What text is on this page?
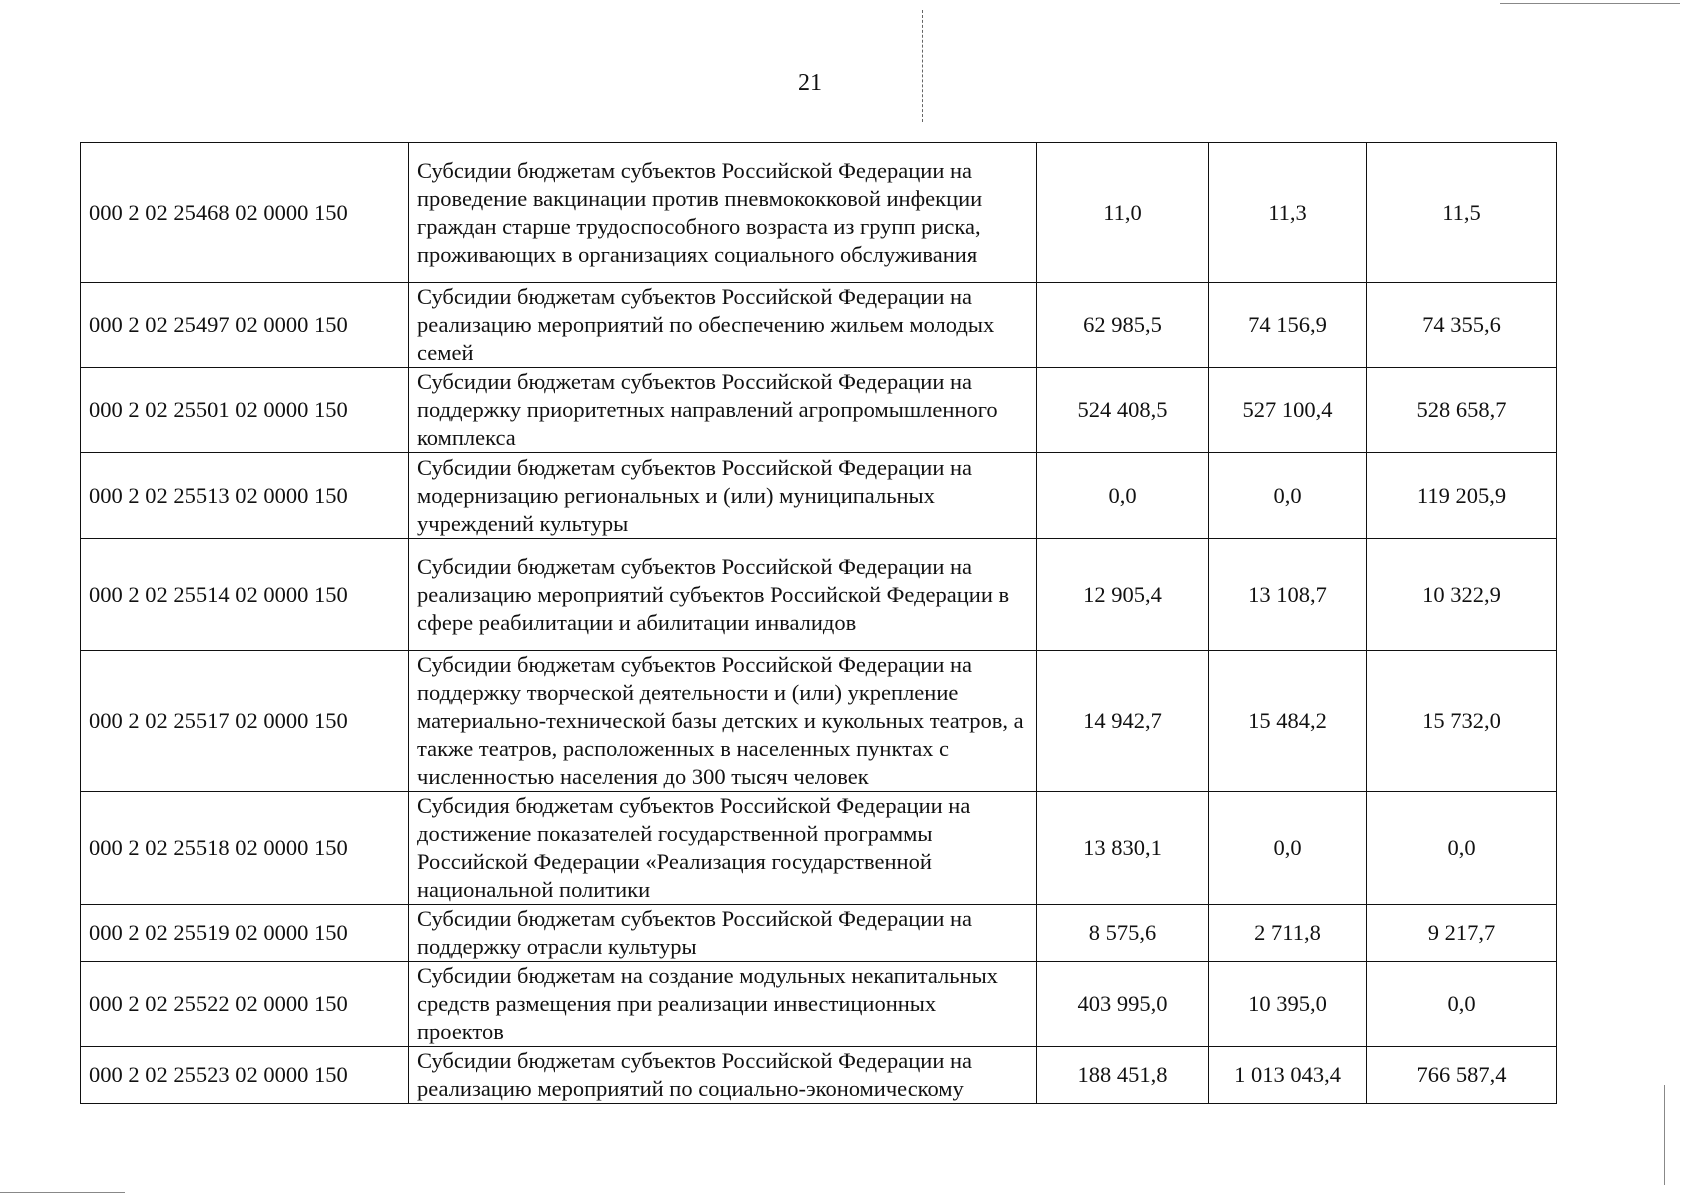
21
000 2 02 25468 02 0000 150	Субсидии бюджетам субъектов Российской Федерации на проведение вакцинации против пневмококковой инфекции граждан старше трудоспособного возраста из групп риска, проживающих в организациях социального обслуживания	11,0	11,3	11,5
000 2 02 25497 02 0000 150	Субсидии бюджетам субъектов Российской Федерации на реализацию мероприятий по обеспечению жильем молодых семей	62 985,5	74 156,9	74 355,6
000 2 02 25501 02 0000 150	Субсидии бюджетам субъектов Российской Федерации на поддержку приоритетных направлений агропромышленного комплекса	524 408,5	527 100,4	528 658,7
000 2 02 25513 02 0000 150	Субсидии бюджетам субъектов Российской Федерации на модернизацию региональных и (или) муниципальных учреждений культуры	0,0	0,0	119 205,9
000 2 02 25514 02 0000 150	Субсидии бюджетам субъектов Российской Федерации на реализацию мероприятий субъектов Российской Федерации в сфере реабилитации и абилитации инвалидов	12 905,4	13 108,7	10 322,9
000 2 02 25517 02 0000 150	Субсидии бюджетам субъектов Российской Федерации на поддержку творческой деятельности и (или) укрепление материально-технической базы детских и кукольных театров, а также театров, расположенных в населенных пунктах с численностью населения до 300 тысяч человек	14 942,7	15 484,2	15 732,0
000 2 02 25518 02 0000 150	Субсидия бюджетам субъектов Российской Федерации на достижение показателей государственной программы Российской Федерации «Реализация государственной национальной политики	13 830,1	0,0	0,0
000 2 02 25519 02 0000 150	Субсидии бюджетам субъектов Российской Федерации на поддержку отрасли культуры	8 575,6	2 711,8	9 217,7
000 2 02 25522 02 0000 150	Субсидии бюджетам на создание модульных некапитальных средств размещения при реализации инвестиционных проектов	403 995,0	10 395,0	0,0
000 2 02 25523 02 0000 150	Субсидии бюджетам субъектов Российской Федерации на реализацию мероприятий по социально-экономическому	188 451,8	1 013 043,4	766 587,4
